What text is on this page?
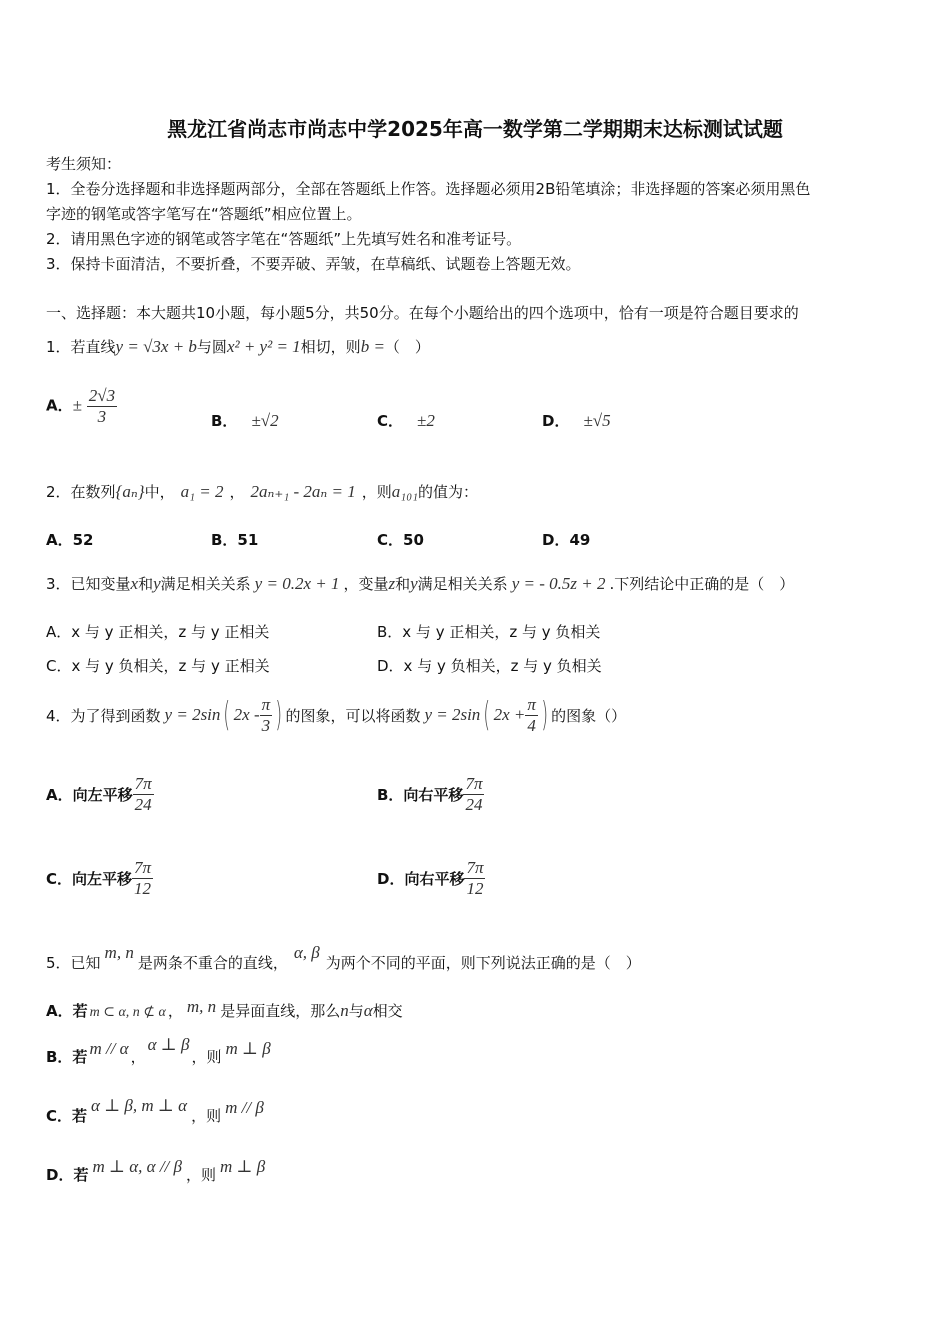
黑龙江省尚志市尚志中学2025年高一数学第二学期期末达标测试试题
考生须知：
1．全卷分选择题和非选择题两部分，全部在答题纸上作答。选择题必须用2B铅笔填涂；非选择题的答案必须用黑色
字迹的钢笔或答字笔写在“答题纸”相应位置上。
2．请用黑色字迹的钢笔或答字笔在“答题纸”上先填写姓名和准考证号。
3．保持卡面清洁，不要折叠，不要弄破、弄皱，在草稿纸、试题卷上答题无效。
一、选择题：本大题共10小题，每小题5分，共50分。在每个小题给出的四个选项中，恰有一项是符合题目要求的
1．若直线y = √3x + b与圆x² + y² = 1相切，则b =（　）
A．± $\frac{2√3}{3}$	B． ±√2	C． ±2	D． ±√5
2．在数列{aₙ}中， a₁ = 2 ， 2aₙ₊₁ - 2aₙ = 1 ，则a₁₀₁的值为：
A．52	B．51	C．50	D．49
3．已知变量x和y满足相关关系 y = 0.2x + 1 ，变量z和y满足相关关系 y = - 0.5z + 2 .下列结论中正确的是（　）
A．x 与 y 正相关，z 与 y 正相关	B．x 与 y 正相关，z 与 y 负相关
C．x 与 y 负相关，z 与 y 正相关	D．x 与 y 负相关，z 与 y 负相关
4．为了得到函数 y = 2sin ( $2x - \frac{\pi}{3}$ ) 的图象，可以将函数 y = 2sin ( $2x + \frac{\pi}{4}$ ) 的图象（）
A．向左平移 $\frac{7\pi}{24}$	B．向右平移 $\frac{7\pi}{24}$
C．向左平移 $\frac{7\pi}{12}$	D．向右平移 $\frac{7\pi}{12}$
5．已知m, n是两条不重合的直线，α, β为两个不同的平面，则下列说法正确的是（　）
A．若 m ⊂ α, n ⊄ α ， m, n 是异面直线，那么n与α相交
B．若 m // α ，α ⊥ β，则 m ⊥ β
C．若α ⊥ β, m ⊥ α，则 m // β
D．若 m ⊥ α, α // β ，则 m ⊥ β
